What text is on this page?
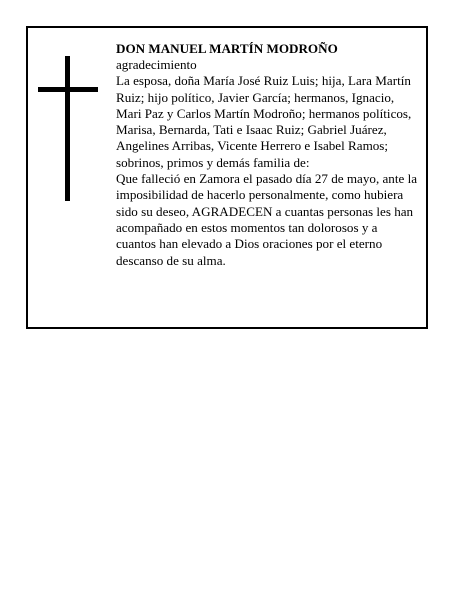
DON MANUEL MARTÍN MODROÑO

agradecimiento

La esposa, doña María José Ruiz Luis; hija, Lara Martín Ruiz; hijo político, Javier García; hermanos, Ignacio, Mari Paz y Carlos Martín Modroño; hermanos políticos, Marisa, Bernarda, Tati e Isaac Ruiz; Gabriel Juárez, Angelines Arribas, Vicente Herrero e Isabel Ramos; sobrinos, primos y demás familia de:

Que falleció en Zamora el pasado día 27 de mayo, ante la imposibilidad de hacerlo personalmente, como hubiera sido su deseo, AGRADECEN a cuantas personas les han acompañado en estos momentos tan dolorosos y a cuantos han elevado a Dios oraciones por el eterno descanso de su alma.
